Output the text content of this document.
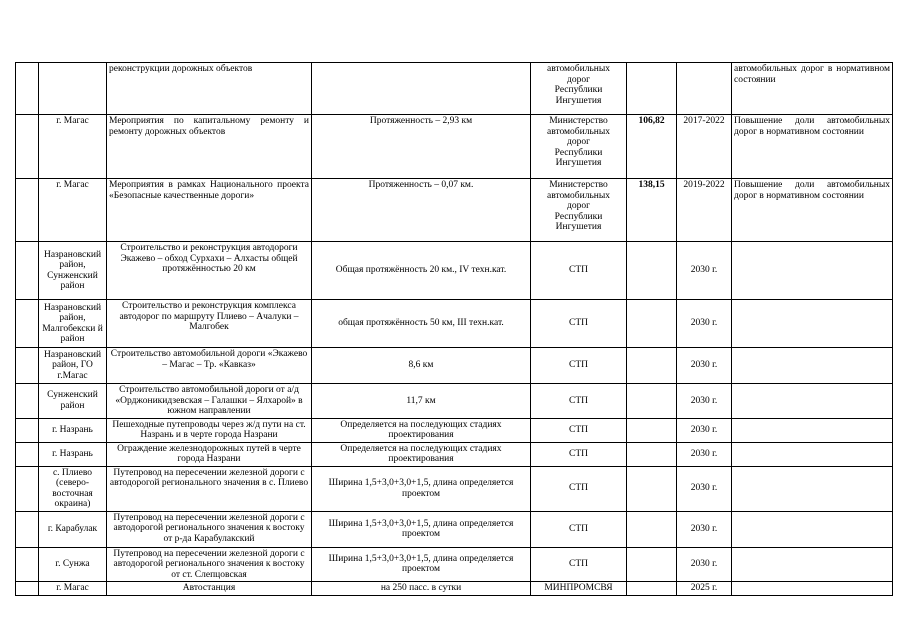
		реконструкции дорожных объектов		автомобильных
дорог
Республики
Ингушетия			автомобильных дорог в нормативном состоянии
	г. Магас	Мероприятия по капитальному ремонту и ремонту дорожных объектов	Протяженность – 2,93 км	Министерство
автомобильных
дорог
Республики
Ингушетия	106,82	2017-2022	Повышение доли автомобильных дорог в нормативном состоянии
	г. Магас	Мероприятия в рамках Национального проекта «Безопасные качественные дороги»	Протяженность – 0,07 км.	Министерство
автомобильных
дорог
Республики
Ингушетия	138,15	2019-2022	Повышение доли автомобильных дорог в нормативном состоянии
	Назрановский район, Сунженский район	Строительство и реконструкция автодороги Экажево – обход Сурхахи – Алхасты общей протяжённостью 20 км	Общая протяжённость 20 км., IV техн.кат.	СТП		2030 г.	
	Назрановский район, Малгобекски й район	Строительство и реконструкция комплекса автодорог по маршруту Плиево – Ачалуки – Малгобек	общая протяжённость 50 км, III техн.кат.	СТП		2030 г.	
	Назрановский район, ГО г.Магас	Строительство автомобильной дороги «Экажево – Магас – Тр. «Кавказ»	8,6 км	СТП		2030 г.	
	Сунженский район	Строительство автомобильной дороги от а/д «Орджоникидзевская – Галашки – Ялхарой» в южном направлении	11,7 км	СТП		2030 г.	
	г. Назрань	Пешеходные путепроводы через ж/д пути на ст. Назрань и в черте города Назрани	Определяется на последующих стадиях проектирования	СТП		2030 г.	
	г. Назрань	Ограждение железнодорожных путей в черте города Назрани	Определяется на последующих стадиях проектирования	СТП		2030 г.	
	с. Плиево (северо-восточная окраина)	Путепровод на пересечении железной дороги с автодорогой регионального значения в с. Плиево	Ширина 1,5+3,0+3,0+1,5, длина определяется проектом	СТП		2030 г.	
	г. Карабулак	Путепровод на пересечении железной дороги с автодорогой регионального значения к востоку от р-да Карабулакский	Ширина 1,5+3,0+3,0+1,5, длина определяется проектом	СТП		2030 г.	
	г. Сунжа	Путепровод на пересечении железной дороги с автодорогой регионального значения к востоку от ст. Слепцовская	Ширина 1,5+3,0+3,0+1,5, длина определяется проектом	СТП		2030 г.	
	г. Магас	Автостанция	на 250 пасс. в сутки	МИНПРОМСВЯ		2025 г.	
